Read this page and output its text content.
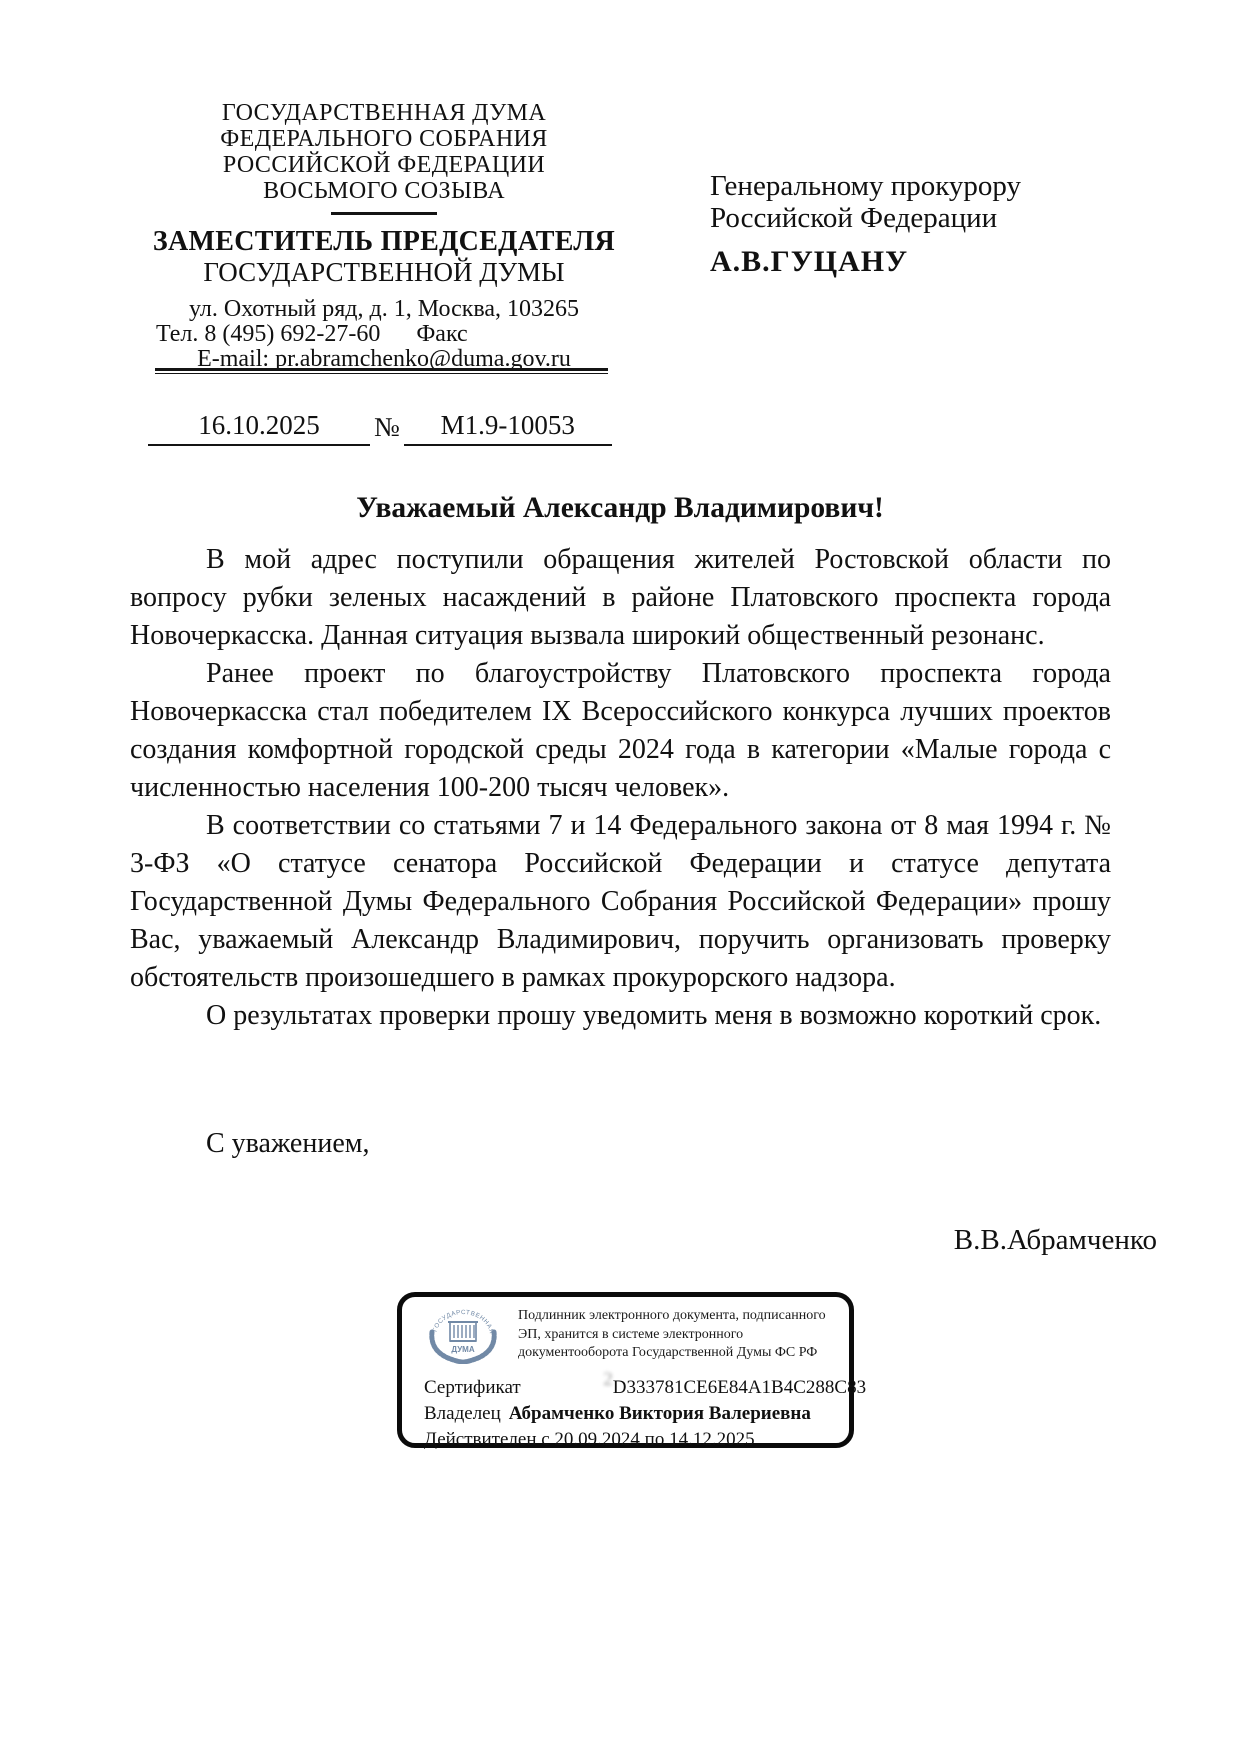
ГОСУДАРСТВЕННАЯ ДУМА
ФЕДЕРАЛЬНОГО СОБРАНИЯ
РОССИЙСКОЙ ФЕДЕРАЦИИ
ВОСЬМОГО СОЗЫВА
ЗАМЕСТИТЕЛЬ ПРЕДСЕДАТЕЛЯ
ГОСУДАРСТВЕННОЙ ДУМЫ
ул. Охотный ряд, д. 1, Москва, 103265
Тел. 8 (495) 692-27-60      Факс
E-mail: pr.abramchenko@duma.gov.ru
Генеральному прокурору
Российской Федерации
А.В.ГУЦАНУ
16.10.2025	№	М1.9-10053
Уважаемый Александр Владимирович!

В мой адрес поступили обращения жителей Ростовской области по вопросу рубки зеленых насаждений в районе Платовского проспекта города Новочеркасска. Данная ситуация вызвала широкий общественный резонанс.

Ранее проект по благоустройству Платовского проспекта города Новочеркасска стал победителем IX Всероссийского конкурса лучших проектов создания комфортной городской среды 2024 года в категории «Малые города с численностью населения 100-200 тысяч человек».

В соответствии со статьями 7 и 14 Федерального закона от 8 мая 1994 г. № 3-ФЗ «О статусе сенатора Российской Федерации и статусе депутата Государственной Думы Федерального Собрания Российской Федерации» прошу Вас, уважаемый Александр Владимирович, поручить организовать проверку обстоятельств произошедшего в рамках прокурорского надзора.

О результатах проверки прошу уведомить меня в возможно короткий срок.

С уважением,
В.В.Абрамченко
ГОСУДАРСТВЕННАЯ
ДУМА
Подлинник электронного документа, подписанного
ЭП, хранится в системе электронного
документооборота Государственной Думы ФС РФ
Сертификат	2D333781CE6E84A1B4C288C83
Владелец Абрамченко Виктория Валериевна
Действителен с 20.09.2024 по 14.12.2025
